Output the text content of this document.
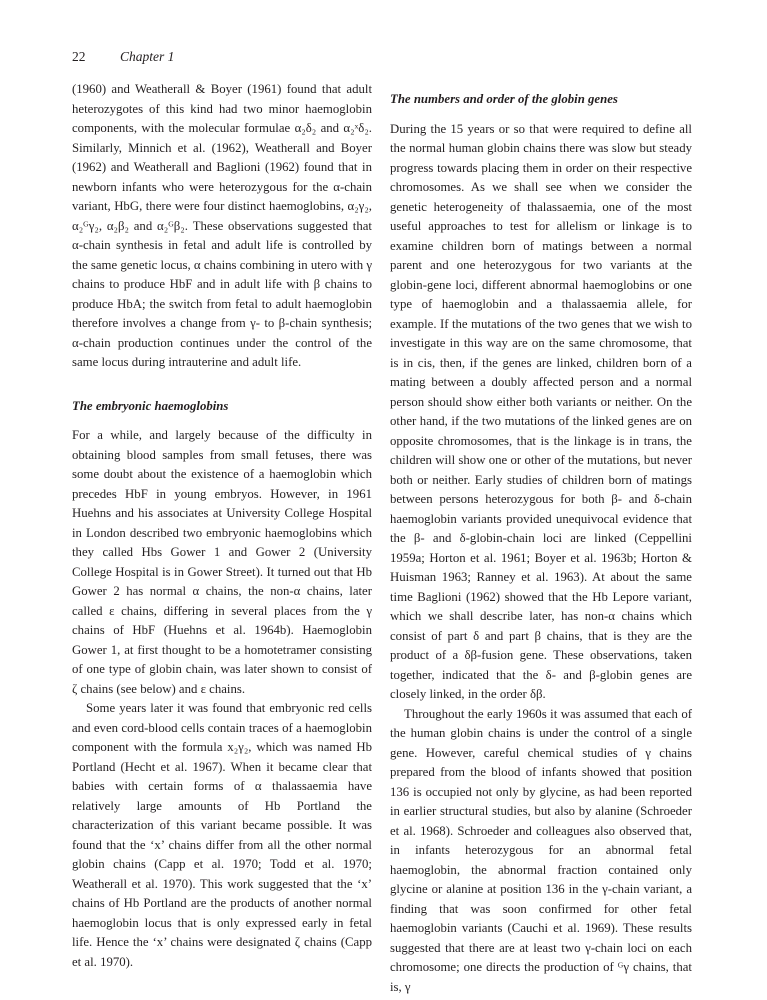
22	Chapter 1

(1960) and Weatherall & Boyer (1961) found that adult heterozygotes of this kind had two minor haemoglobin components, with the molecular formulae α₂δ₂ and α₂ˣδ₂. Similarly, Minnich et al. (1962), Weatherall and Boyer (1962) and Weatherall and Baglioni (1962) found that in newborn infants who were heterozygous for the α-chain variant, HbG, there were four distinct haemoglobins, α₂γ₂, α₂ᴳγ₂, α₂β₂ and α₂ᴳβ₂. These observations suggested that α-chain synthesis in fetal and adult life is controlled by the same genetic locus, α chains combining in utero with γ chains to produce HbF and in adult life with β chains to produce HbA; the switch from fetal to adult haemoglobin therefore involves a change from γ- to β-chain synthesis; α-chain production continues under the control of the same locus during intrauterine and adult life.

The embryonic haemoglobins

For a while, and largely because of the difficulty in obtaining blood samples from small fetuses, there was some doubt about the existence of a haemoglobin which precedes HbF in young embryos. However, in 1961 Huehns and his associates at University College Hospital in London described two embryonic haemoglobins which they called Hbs Gower 1 and Gower 2 (University College Hospital is in Gower Street). It turned out that Hb Gower 2 has normal α chains, the non-α chains, later called ε chains, differing in several places from the γ chains of HbF (Huehns et al. 1964b). Haemoglobin Gower 1, at first thought to be a homotetramer consisting of one type of globin chain, was later shown to consist of ζ chains (see below) and ε chains.

Some years later it was found that embryonic red cells and even cord-blood cells contain traces of a haemoglobin component with the formula x₂γ₂, which was named Hb Portland (Hecht et al. 1967). When it became clear that babies with certain forms of α thalassaemia have relatively large amounts of Hb Portland the characterization of this variant became possible. It was found that the ‘x’ chains differ from all the other normal globin chains (Capp et al. 1970; Todd et al. 1970; Weatherall et al. 1970). This work suggested that the ‘x’ chains of Hb Portland are the products of another normal haemoglobin locus that is only expressed early in fetal life. Hence the ‘x’ chains were designated ζ chains (Capp et al. 1970).

The numbers and order of the globin genes

During the 15 years or so that were required to define all the normal human globin chains there was slow but steady progress towards placing them in order on their respective chromosomes. As we shall see when we consider the genetic heterogeneity of thalassaemia, one of the most useful approaches to test for allelism or linkage is to examine children born of matings between a normal parent and one heterozygous for two variants at the globin-gene loci, different abnormal haemoglobins or one type of haemoglobin and a thalassaemia allele, for example. If the mutations of the two genes that we wish to investigate in this way are on the same chromosome, that is in cis, then, if the genes are linked, children born of a mating between a doubly affected person and a normal person should show either both variants or neither. On the other hand, if the two mutations of the linked genes are on opposite chromosomes, that is the linkage is in trans, the children will show one or other of the mutations, but never both or neither. Early studies of children born of matings between persons heterozygous for both β- and δ-chain haemoglobin variants provided unequivocal evidence that the β- and δ-globin-chain loci are linked (Ceppellini 1959a; Horton et al. 1961; Boyer et al. 1963b; Horton & Huisman 1963; Ranney et al. 1963). At about the same time Baglioni (1962) showed that the Hb Lepore variant, which we shall describe later, has non-α chains which consist of part δ and part β chains, that is they are the product of a δβ-fusion gene. These observations, taken together, indicated that the δ- and β-globin genes are closely linked, in the order δβ.

Throughout the early 1960s it was assumed that each of the human globin chains is under the control of a single gene. However, careful chemical studies of γ chains prepared from the blood of infants showed that position 136 is occupied not only by glycine, as had been reported in earlier structural studies, but also by alanine (Schroeder et al. 1968). Schroeder and colleagues also observed that, in infants heterozygous for an abnormal fetal haemoglobin, the abnormal fraction contained only glycine or alanine at position 136 in the γ-chain variant, a finding that was soon confirmed for other fetal haemoglobin variants (Cauchi et al. 1969). These results suggested that there are at least two γ-chain loci on each chromosome; one directs the production of ᴳγ chains, that is, γ
